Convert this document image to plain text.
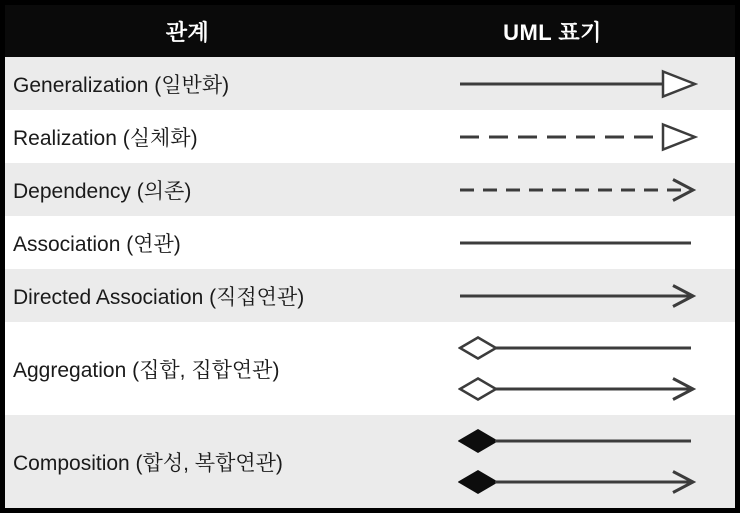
관계	UML 표기
Generalization (일반화)
Realization (실체화)
Dependency (의존)
Association (연관)
Directed Association (직접연관)
Aggregation (집합, 집합연관)
Composition (합성, 복합연관)
